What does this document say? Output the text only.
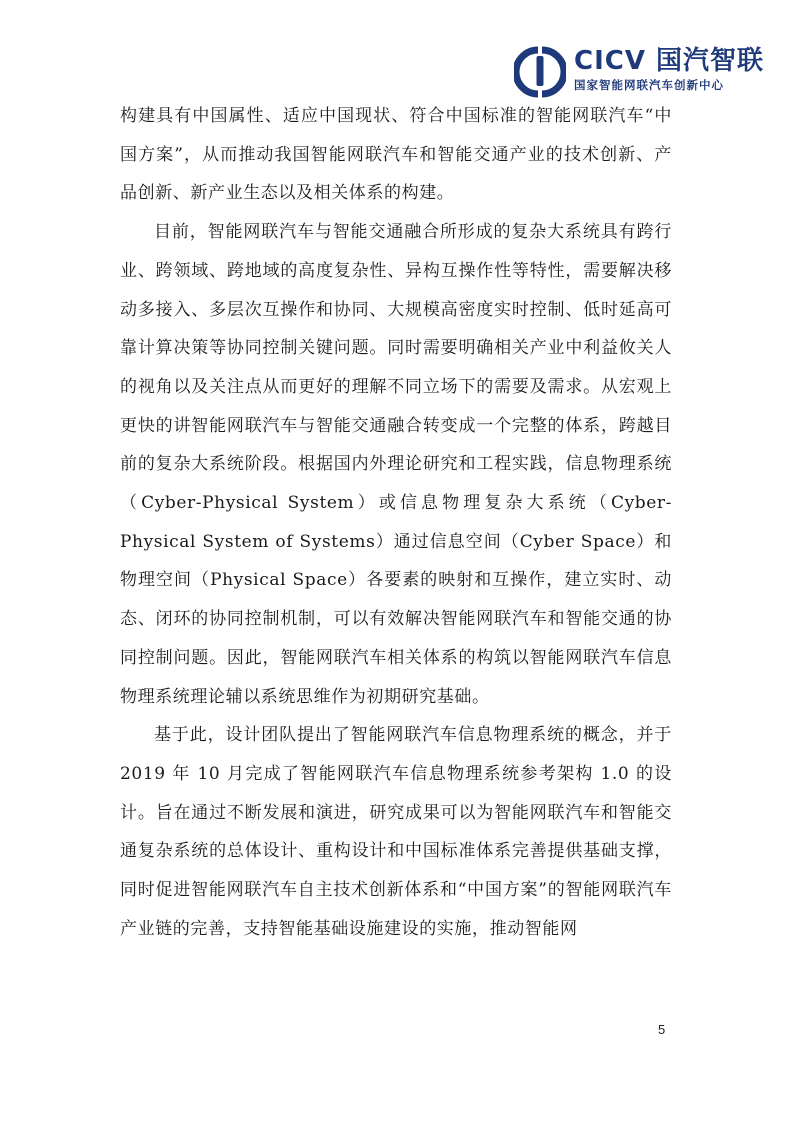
CICV 国汽智联
国家智能网联汽车创新中心

构建具有中国属性、适应中国现状、符合中国标准的智能网联汽车“中国方案”，从而推动我国智能网联汽车和智能交通产业的技术创新、产品创新、新产业生态以及相关体系的构建。

目前，智能网联汽车与智能交通融合所形成的复杂大系统具有跨行业、跨领域、跨地域的高度复杂性、异构互操作性等特性，需要解决移动多接入、多层次互操作和协同、大规模高密度实时控制、低时延高可靠计算决策等协同控制关键问题。同时需要明确相关产业中利益攸关人的视角以及关注点从而更好的理解不同立场下的需要及需求。从宏观上更快的讲智能网联汽车与智能交通融合转变成一个完整的体系，跨越目前的复杂大系统阶段。根据国内外理论研究和工程实践，信息物理系统（Cyber-Physical System）或信息物理复杂大系统（Cyber-Physical System of Systems）通过信息空间（Cyber Space）和物理空间（Physical Space）各要素的映射和互操作，建立实时、动态、闭环的协同控制机制，可以有效解决智能网联汽车和智能交通的协同控制问题。因此，智能网联汽车相关体系的构筑以智能网联汽车信息物理系统理论辅以系统思维作为初期研究基础。

基于此，设计团队提出了智能网联汽车信息物理系统的概念，并于 2019 年 10 月完成了智能网联汽车信息物理系统参考架构 1.0 的设计。旨在通过不断发展和演进，研究成果可以为智能网联汽车和智能交通复杂系统的总体设计、重构设计和中国标准体系完善提供基础支撑，同时促进智能网联汽车自主技术创新体系和“中国方案”的智能网联汽车产业链的完善，支持智能基础设施建设的实施，推动智能网

5
